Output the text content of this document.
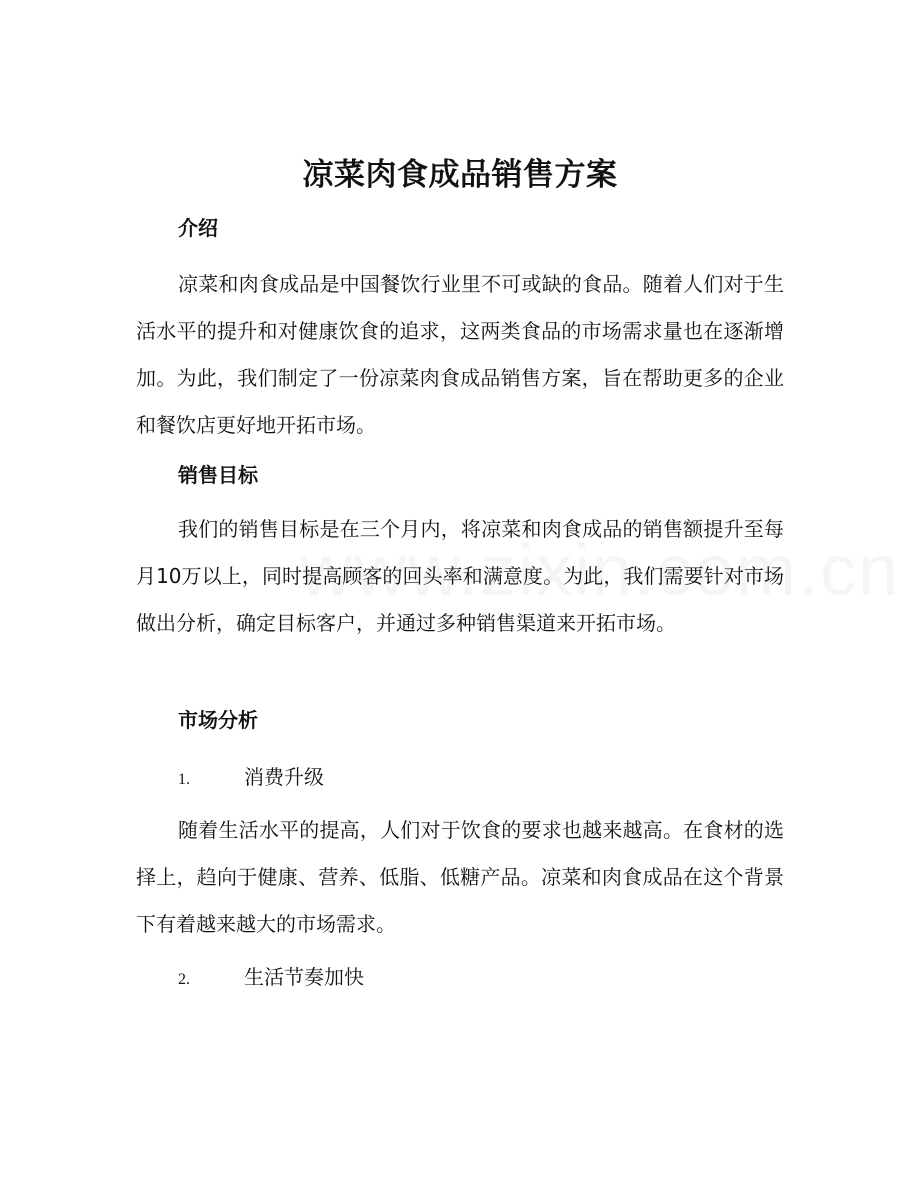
凉菜肉食成品销售方案
介绍
凉菜和肉食成品是中国餐饮行业里不可或缺的食品。随着人们对于生活水平的提升和对健康饮食的追求，这两类食品的市场需求量也在逐渐增加。为此，我们制定了一份凉菜肉食成品销售方案，旨在帮助更多的企业和餐饮店更好地开拓市场。
销售目标
我们的销售目标是在三个月内，将凉菜和肉食成品的销售额提升至每月10万以上，同时提高顾客的回头率和满意度。为此，我们需要针对市场做出分析，确定目标客户，并通过多种销售渠道来开拓市场。
市场分析
1.	消费升级
随着生活水平的提高，人们对于饮食的要求也越来越高。在食材的选择上，趋向于健康、营养、低脂、低糖产品。凉菜和肉食成品在这个背景下有着越来越大的市场需求。
2.	生活节奏加快
